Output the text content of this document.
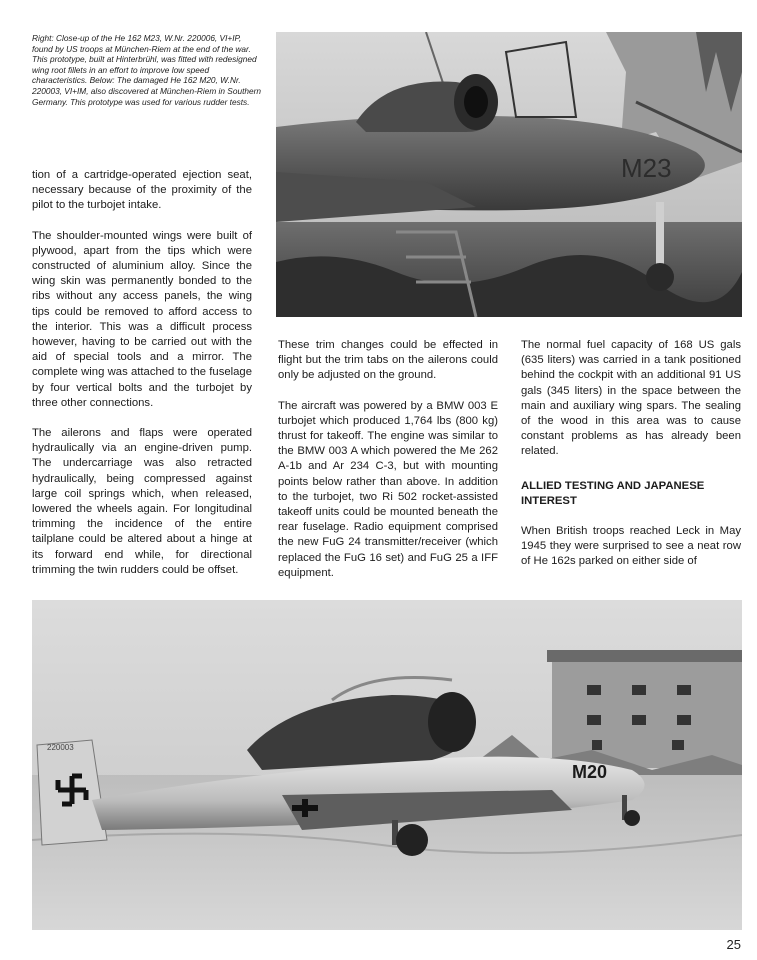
Right: Close-up of the He 162 M23, W.Nr. 220006, VI+IP, found by US troops at München-Riem at the end of the war. This prototype, built at Hinterbrühl, was fitted with redesigned wing root fillets in an effort to improve low speed characteristics. Below: The damaged He 162 M20, W.Nr. 220003, VI+IM, also discovered at München-Riem in Southern Germany. This prototype was used for various rudder tests.
M23

tion of a cartridge-operated ejection seat, necessary because of the proximity of the pilot to the turbojet intake.

The shoulder-mounted wings were built of plywood, apart from the tips which were constructed of aluminium alloy. Since the wing skin was permanently bonded to the ribs without any access panels, the wing tips could be removed to afford access to the interior. This was a difficult process however, having to be carried out with the aid of special tools and a mirror. The complete wing was attached to the fuselage by four vertical bolts and the turbojet by three other connections.

The ailerons and flaps were operated hydraulically via an engine-driven pump. The undercarriage was also retracted hydraulically, being compressed against large coil springs which, when released, lowered the wheels again. For longitudinal trimming the incidence of the entire tailplane could be altered about a hinge at its forward end while, for directional trimming the twin rudders could be offset.

These trim changes could be effected in flight but the trim tabs on the ailerons could only be adjusted on the ground.

The aircraft was powered by a BMW 003 E turbojet which produced 1,764 lbs (800 kg) thrust for takeoff. The engine was similar to the BMW 003 A which powered the Me 262 A-1b and Ar 234 C-3, but with mounting points below rather than above. In addition to the turbojet, two Ri 502 rocket-assisted takeoff units could be mounted beneath the rear fuselage. Radio equipment comprised the new FuG 24 transmitter/receiver (which replaced the FuG 16 set) and FuG 25 a IFF equipment.

The normal fuel capacity of 168 US gals (635 liters) was carried in a tank positioned behind the cockpit with an additional 91 US gals (345 liters) in the space between the main and auxiliary wing spars. The sealing of the wood in this area was to cause constant problems as has already been related.

ALLIED TESTING AND JAPANESE INTEREST

When British troops reached Leck in May 1945 they were surprised to see a neat row of He 162s parked on either side of

220003
M20
25
